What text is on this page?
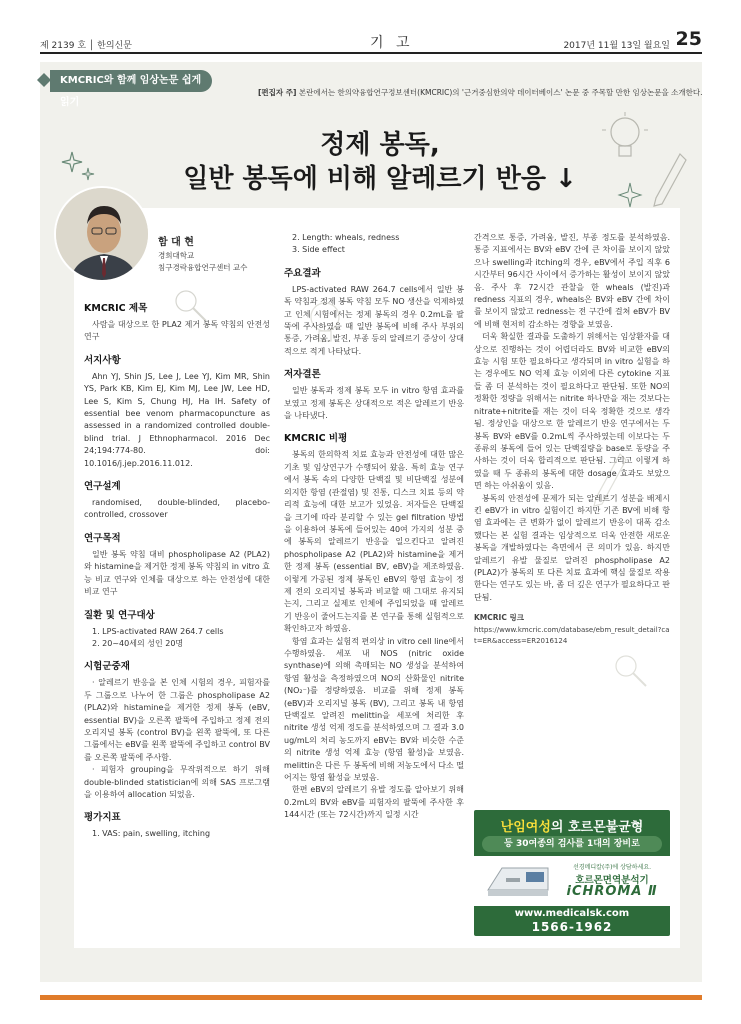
제 2139 호 │ 한의신문	기 고	2017년 11월 13일 월요일 25
KMCRIC와 함께 임상논문 쉽게 읽기
[편집자 주] 본란에서는 한의약융합연구정보센터(KMCRIC)의 '근거중심한의약 데이터베이스' 논문 중 주목할 만한 임상논문을 소개한다.
정제 봉독,
일반 봉독에 비해 알레르기 반응 ↓
함 대 현
경희대학교
침구경락융합연구센터 교수
KMCRIC 제목

사람을 대상으로 한 PLA2 제거 봉독 약침의 안전성 연구

서지사항

Ahn YJ, Shin JS, Lee J, Lee YJ, Kim MR, Shin YS, Park KB, Kim EJ, Kim MJ, Lee JW, Lee HD, Lee S, Kim S, Chung HJ, Ha IH. Safety of essential bee venom pharmacopuncture as assessed in a randomized controlled double-blind trial. J Ethnopharmacol. 2016 Dec 24;194:774-80. doi: 10.1016/j.jep.2016.11.012.

연구설계

randomised, double-blinded, placebo-controlled, crossover

연구목적

일반 봉독 약침 대비 phospholipase A2 (PLA2)와 histamine을 제거한 정제 봉독 약침의 in vitro 효능 비교 연구와 인체를 대상으로 하는 안전성에 대한 비교 연구

질환 및 연구대상

1. LPS-activated RAW 264.7 cells

2. 20~40세의 성인 20명

시험군중재

· 알레르기 반응을 본 인체 시험의 경우, 피험자를 두 그룹으로 나누어 한 그룹은 phospholipase A2 (PLA2)와 histamine을 제거한 정제 봉독 (eBV, essential BV)을 오른쪽 팔뚝에 주입하고 정제 전의 오리지널 봉독 (control BV)을 왼쪽 팔뚝에, 또 다른 그룹에서는 eBV를 왼쪽 팔뚝에 주입하고 control BV를 오른쪽 팔뚝에 주사함.

· 피험자 grouping을 무작위적으로 하기 위해 double-blinded statistician에 의해 SAS 프로그램을 이용하여 allocation 되었음.

평가지표

1. VAS: pain, swelling, itching

2. Length: wheals, redness

3. Side effect

주요결과

LPS-activated RAW 264.7 cells에서 일반 봉독 약침과 정제 봉독 약침 모두 NO 생산을 억제하였고 인체 시험에서는 정제 봉독의 경우 0.2mL를 팔뚝에 주사하였을 때 일반 봉독에 비해 주사 부위의 통증, 가려움, 발진, 부종 등의 알레르기 증상이 상대적으로 적게 나타났다.

저자결론

일반 봉독과 정제 봉독 모두 in vitro 항염 효과를 보였고 정제 봉독은 상대적으로 적은 알레르기 반응을 나타냈다.

KMCRIC 비평

봉독의 한의학적 치료 효능과 안전성에 대한 많은 기초 및 임상연구가 수행되어 왔음. 특히 효능 연구에서 봉독 속의 다양한 단백질 및 비단백질 성분에 의지한 항염 (관절염) 및 진통, 디스크 치료 등의 약리적 효능에 대한 보고가 있었음. 저자들은 단백질을 크기에 따라 분리할 수 있는 gel filtration 방법을 이용하여 봉독에 들어있는 40여 가지의 성분 중에 봉독의 알레르기 반응을 일으킨다고 알려진 phospholipase A2 (PLA2)와 histamine을 제거한 정제 봉독 (essential BV, eBV)을 제조하였음. 이렇게 가공된 정제 봉독인 eBV의 항염 효능이 정제 전의 오리지널 봉독과 비교할 때 그대로 유지되는지, 그리고 실제로 인체에 주입되었을 때 알레르기 반응이 줄어드는지를 본 연구를 통해 실험적으로 확인하고자 하였음.

항염 효과는 실험적 편의상 in vitro cell line에서 수행하였음. 세포 내 NOS (nitric oxide synthase)에 의해 촉매되는 NO 생성을 분석하여 항염 활성을 측정하였으며 NO의 산화물인 nitrite (NO₂⁻)를 정량하였음. 비교를 위해 정제 봉독 (eBV)과 오리지널 봉독 (BV), 그리고 봉독 내 항염 단백질로 알려진 melittin을 세포에 처리한 후 nitrite 생성 억제 정도를 분석하였으며 그 결과 3.0 ug/mL의 처리 농도까지 eBV는 BV와 비슷한 수준의 nitrite 생성 억제 효능 (항염 활성)을 보였음. melittin은 다른 두 봉독에 비해 저농도에서 다소 떨어지는 항염 활성을 보였음.

한편 eBV의 알레르기 유발 정도를 알아보기 위해 0.2mL의 BV와 eBV를 피험자의 팔뚝에 주사한 후 144시간 (또는 72시간)까지 일정 시간

간격으로 통증, 가려움, 발진, 부종 정도를 분석하였음. 통증 지표에서는 BV와 eBV 간에 큰 차이를 보이지 않았으나 swelling과 itching의 경우, eBV에서 주입 직후 6시간부터 96시간 사이에서 증가하는 활성이 보이지 않았음. 주사 후 72시간 관찰을 한 wheals (발진)과 redness 지표의 경우, wheals은 BV와 eBV 간에 차이를 보이지 않았고 redness는 전 구간에 걸쳐 eBV가 BV에 비해 현저히 감소하는 경향을 보였음.

더욱 확실한 결과를 도출하기 위해서는 임상환자를 대상으로 진행하는 것이 어렵더라도 BV와 비교한 eBV의 효능 시험 또한 필요하다고 생각되며 in vitro 실험을 하는 경우에도 NO 억제 효능 이외에 다른 cytokine 지표들 좀 더 분석하는 것이 필요하다고 판단됨. 또한 NO의 정확한 정량을 위해서는 nitrite 하나만을 재는 것보다는 nitrate+nitrite를 재는 것이 더욱 정확한 것으로 생각됨. 정상인을 대상으로 한 알레르기 반응 연구에서는 두 봉독 BV와 eBV를 0.2mL씩 주사하였는데 이보다는 두 종류의 봉독에 들어 있는 단백질량을 base로 동량을 주사하는 것이 더욱 합리적으로 판단됨. 그리고 이렇게 하였을 때 두 종류의 봉독에 대한 dosage 효과도 보았으면 하는 아쉬움이 있음.

봉독의 안전성에 문제가 되는 알레르기 성분을 배제시킨 eBV가 in vitro 실험이긴 하지만 기존 BV에 비해 항염 효과에는 큰 변화가 없이 알레르기 반응이 대폭 감소했다는 본 실험 결과는 임상적으로 더욱 안전한 새로운 봉독을 개발하였다는 측면에서 큰 의미가 있음. 하지만 알레르기 유발 물질로 알려진 phospholipase A2 (PLA2)가 봉독의 또 다른 치료 효과에 핵심 물질로 작용한다는 연구도 있는 바, 좀 더 깊은 연구가 필요하다고 판단됨.

KMCRIC 링크
https://www.kmcric.com/database/ebm_result_detail?cat=ER&access=ER2016124
난임여성의 호르몬불균형
등 30여종의 검사를 1대의 장비로
선경메디칼(주)에 상담하세요.
호르몬면역분석기
iCHROMA Ⅱ
www.medicalsk.com
1566-1962
